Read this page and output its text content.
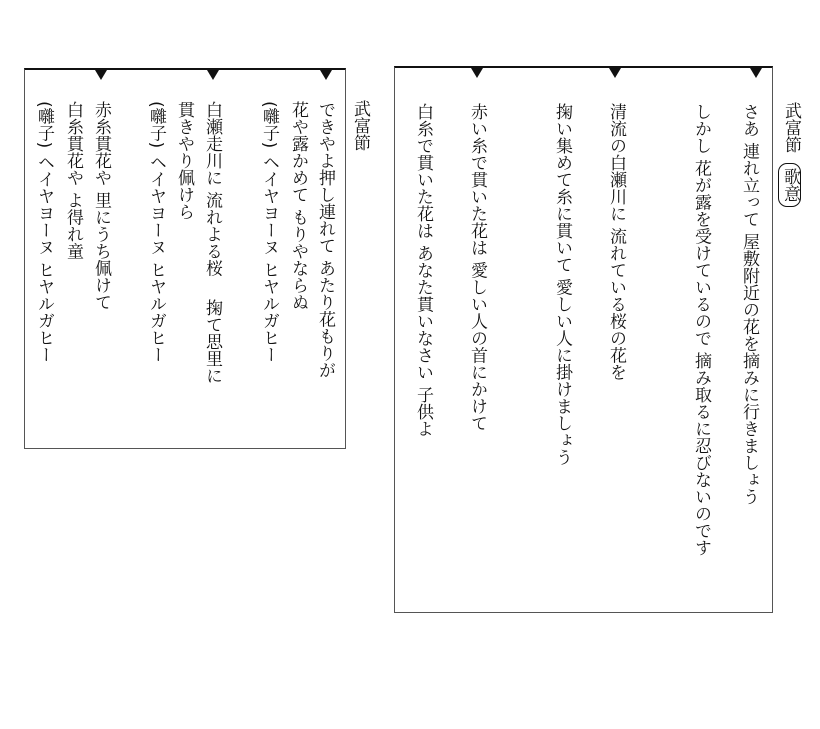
さあ 連れ立って 屋敷附近の花を摘みに行きましょう
しかし 花が露を受けているので 摘み取るに忍びないのです
清流の白瀬川に 流れている桜の花を
掬い集めて糸に貫いて 愛しい人に掛けましょう
赤い糸で貫いた花は 愛しい人の首にかけて
白糸で貫いた花は あなた貫いなさい 子供よ	武富節
歌意
できやよ押し連れて あたり花もりが
花や露かめて もりやならぬ
(囃子) ヘイヤヨーヌ ヒヤルガヒー
白瀬走川に 流れよる桜　 掬て思里に
貫きやり佩けら
(囃子) ヘイヤヨーヌ ヒヤルガヒー
赤糸貫花や 里にうち佩けて
白糸貫花や よ得れ童
(囃子) ヘイヤヨーヌ ヒヤルガヒー	武富節
